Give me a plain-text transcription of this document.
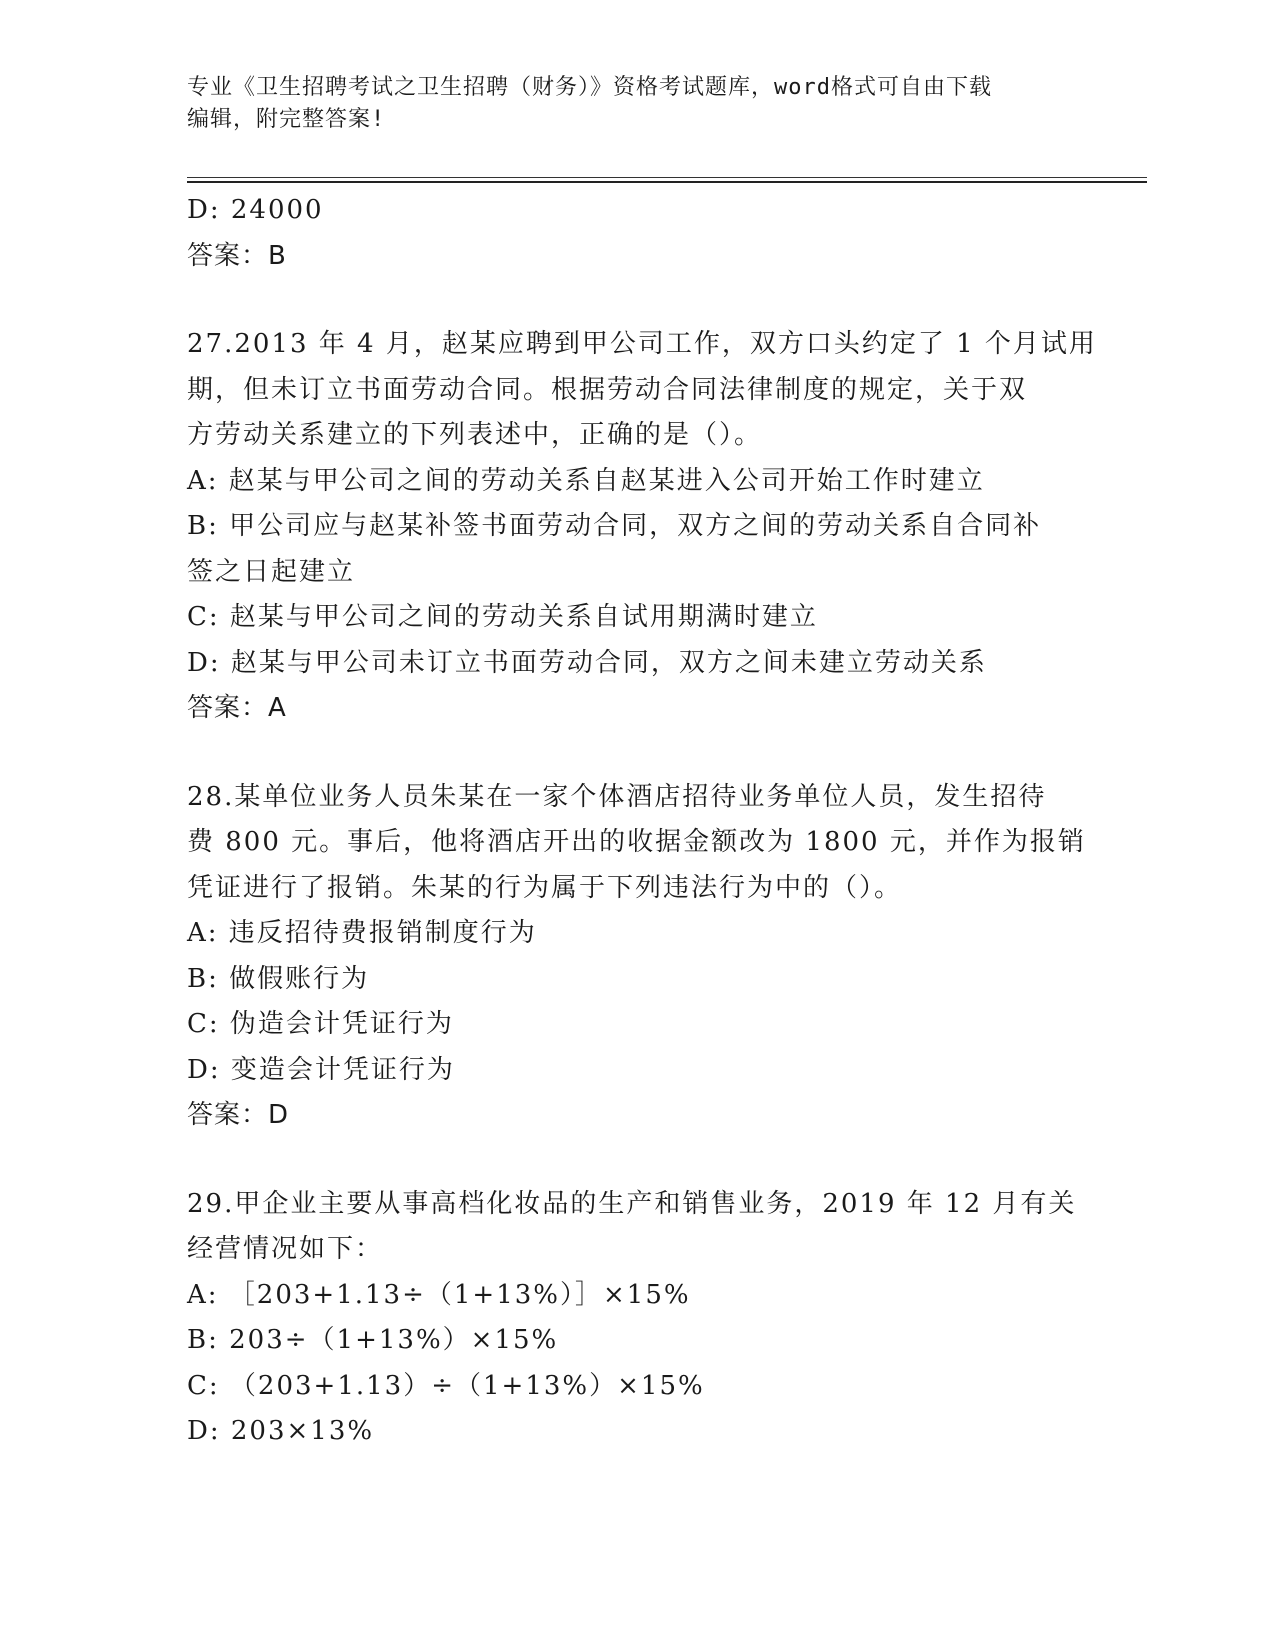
专业《卫生招聘考试之卫生招聘（财务）》资格考试题库，word格式可自由下载
编辑，附完整答案!
D: 24000
答案：B
27.2013 年 4 月，赵某应聘到甲公司工作，双方口头约定了 1 个月试用
期，但未订立书面劳动合同。根据劳动合同法律制度的规定，关于双
方劳动关系建立的下列表述中，正确的是（）。
A: 赵某与甲公司之间的劳动关系自赵某进入公司开始工作时建立
B: 甲公司应与赵某补签书面劳动合同，双方之间的劳动关系自合同补
签之日起建立
C: 赵某与甲公司之间的劳动关系自试用期满时建立
D: 赵某与甲公司未订立书面劳动合同，双方之间未建立劳动关系
答案：A
28.某单位业务人员朱某在一家个体酒店招待业务单位人员，发生招待
费 800 元。事后，他将酒店开出的收据金额改为 1800 元，并作为报销
凭证进行了报销。朱某的行为属于下列违法行为中的（）。
A: 违反招待费报销制度行为
B: 做假账行为
C: 伪造会计凭证行为
D: 变造会计凭证行为
答案：D
29.甲企业主要从事高档化妆品的生产和销售业务，2019 年 12 月有关
经营情况如下：
A: ［203+1.13÷（1+13%）］×15%
B: 203÷（1+13%）×15%
C: （203+1.13）÷（1+13%）×15%
D: 203×13%
